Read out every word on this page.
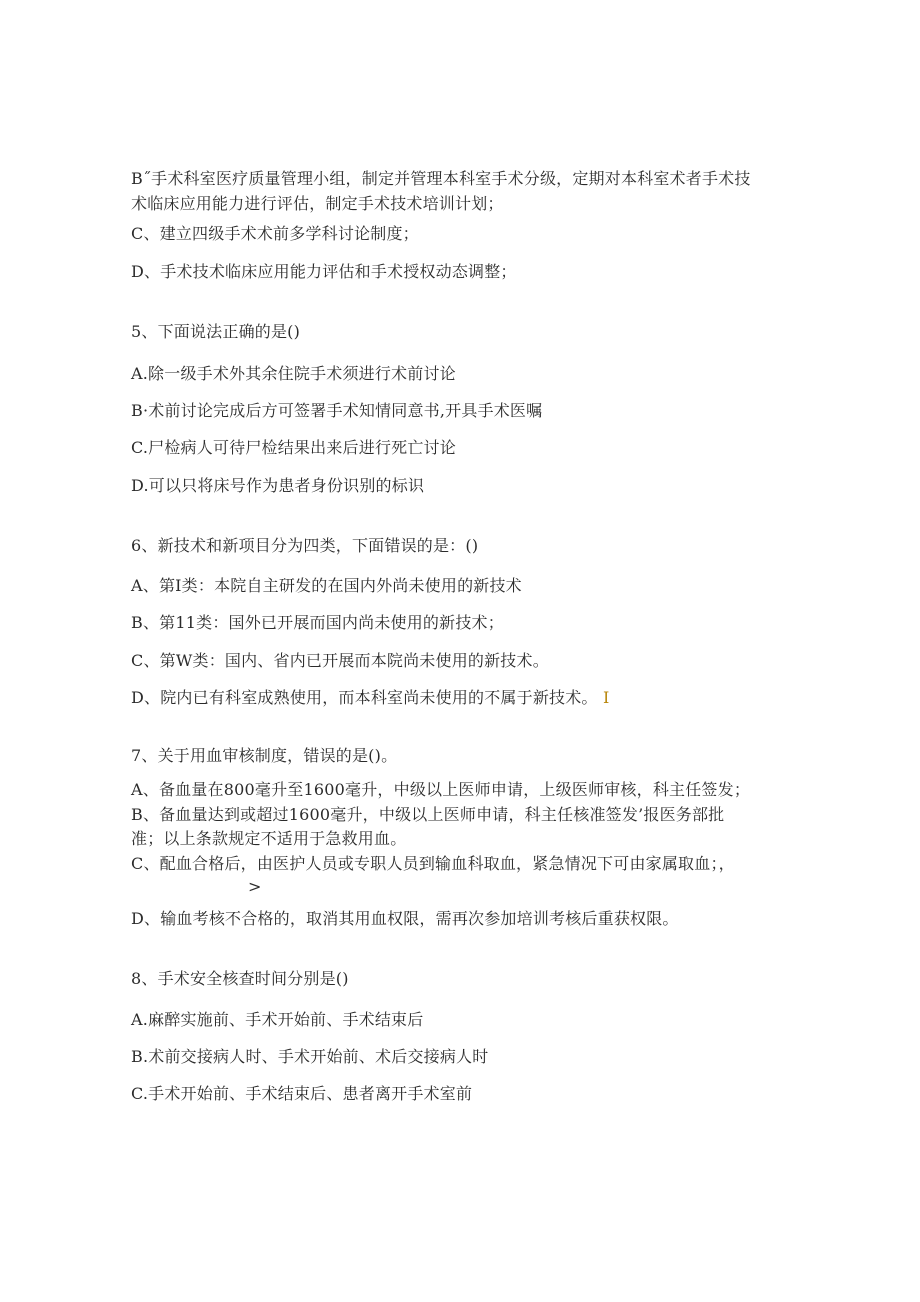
B˝手术科室医疗质量管理小组，制定并管理本科室手术分级，定期对本科室术者手术技
术临床应用能力进行评估，制定手术技术培训计划；
C、建立四级手术术前多学科讨论制度；
D、手术技术临床应用能力评估和手术授权动态调整；
5、下面说法正确的是()
A.除一级手术外其余住院手术须进行术前讨论
B·术前讨论完成后方可签署手术知情同意书,开具手术医嘱
C.尸检病人可待尸检结果出来后进行死亡讨论
D.可以只将床号作为患者身份识别的标识
6、新技术和新项目分为四类，下面错误的是：()
A、第I类：本院自主研发的在国内外尚未使用的新技术
B、第11类：国外已开展而国内尚未使用的新技术；
C、第W类：国内、省内已开展而本院尚未使用的新技术。
D、院内已有科室成熟使用，而本科室尚未使用的不属于新技术。 I
7、关于用血审核制度，错误的是()。
A、备血量在800毫升至1600毫升，中级以上医师申请，上级医师审核，科主任签发；
B、备血量达到或超过1600毫升，中级以上医师申请，科主任核准签发’报医务部批
准；以上条款规定不适用于急救用血。
C、配血合格后，由医护人员或专职人员到输血科取血，紧急情况下可由家属取血；，
>
D、输血考核不合格的，取消其用血权限，需再次参加培训考核后重获权限。
8、手术安全核查时间分别是()
A.麻醉实施前、手术开始前、手术结束后
B.术前交接病人时、手术开始前、术后交接病人时
C.手术开始前、手术结束后、患者离开手术室前
